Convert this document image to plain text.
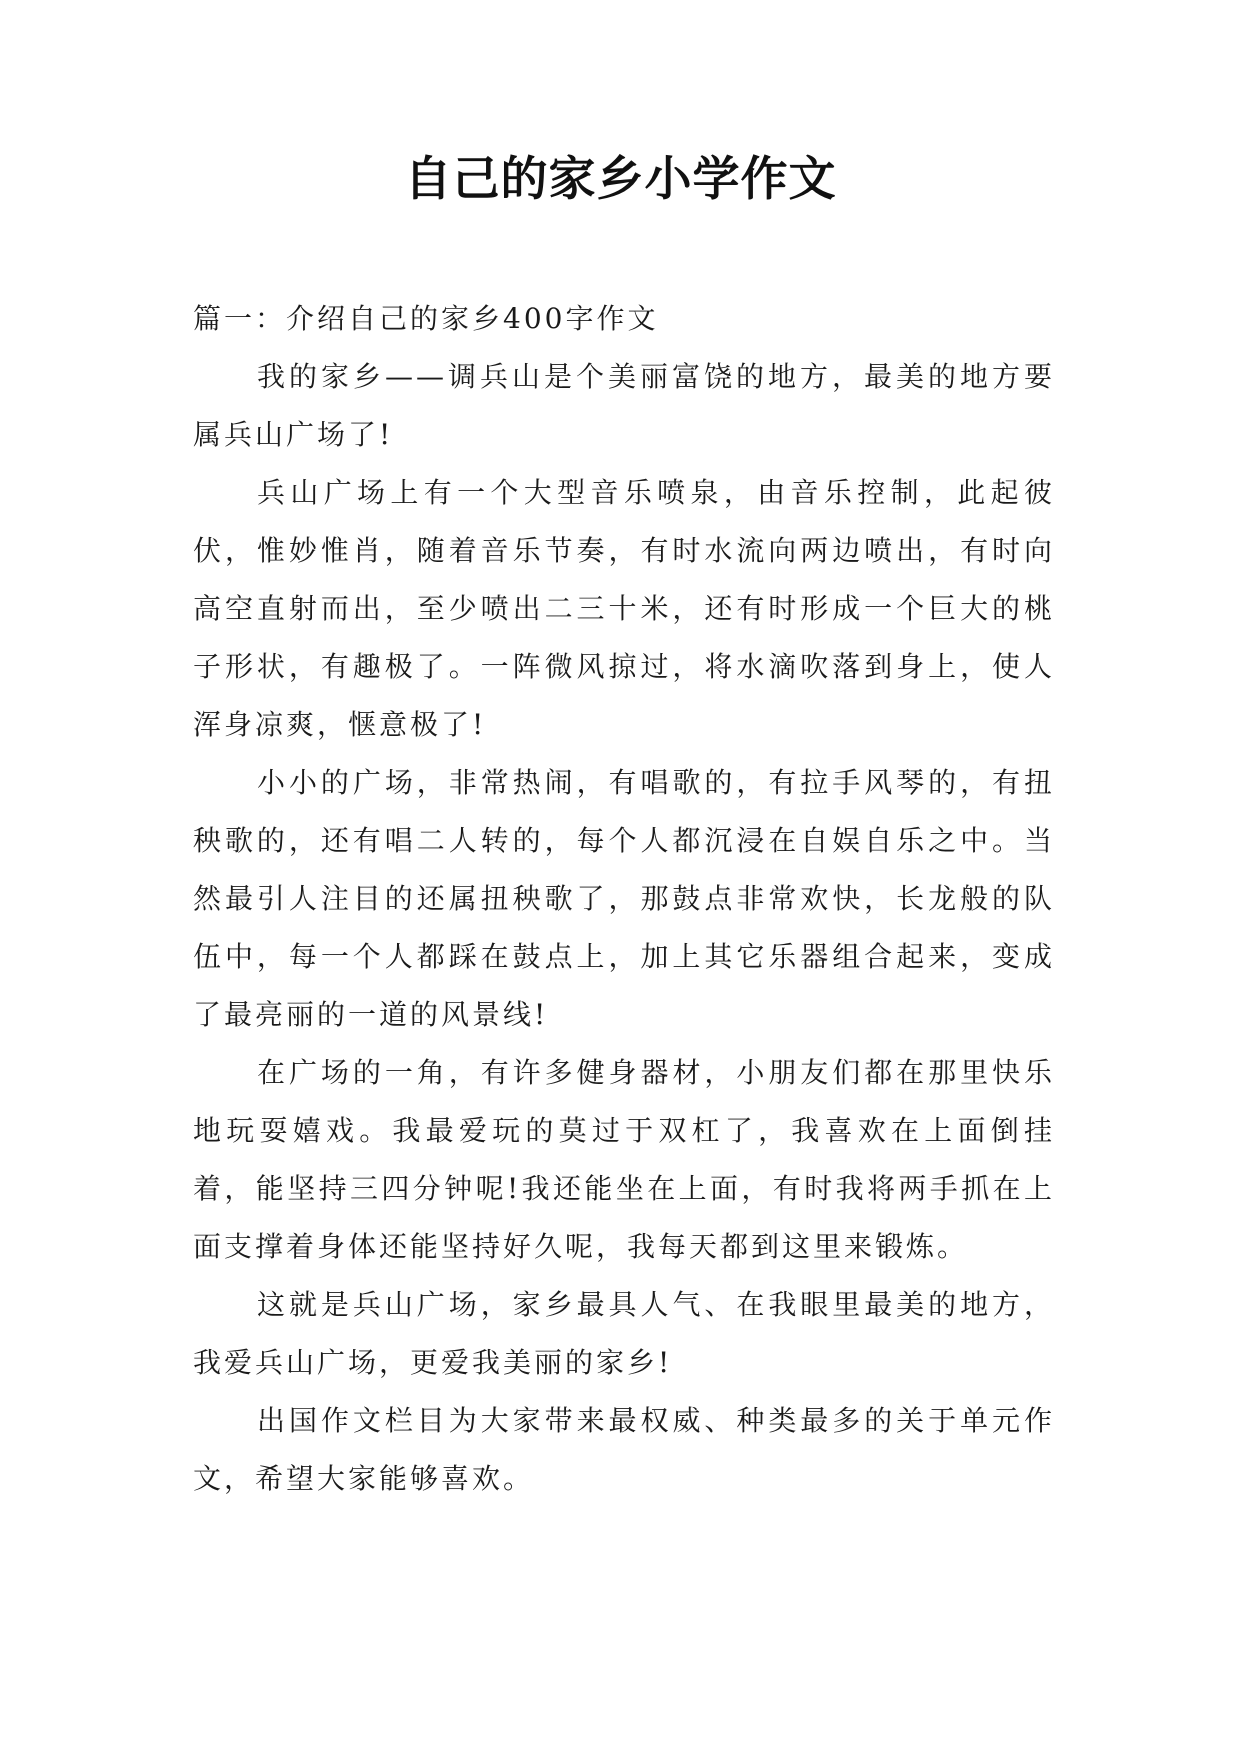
自己的家乡小学作文

篇一：介绍自己的家乡400字作文

我的家乡——调兵山是个美丽富饶的地方，最美的地方要属兵山广场了!

兵山广场上有一个大型音乐喷泉，由音乐控制，此起彼伏，惟妙惟肖，随着音乐节奏，有时水流向两边喷出，有时向高空直射而出，至少喷出二三十米，还有时形成一个巨大的桃子形状，有趣极了。一阵微风掠过，将水滴吹落到身上，使人浑身凉爽，惬意极了!

小小的广场，非常热闹，有唱歌的，有拉手风琴的，有扭秧歌的，还有唱二人转的，每个人都沉浸在自娱自乐之中。当然最引人注目的还属扭秧歌了，那鼓点非常欢快，长龙般的队伍中，每一个人都踩在鼓点上，加上其它乐器组合起来，变成了最亮丽的一道的风景线!

在广场的一角，有许多健身器材，小朋友们都在那里快乐地玩耍嬉戏。我最爱玩的莫过于双杠了，我喜欢在上面倒挂着，能坚持三四分钟呢!我还能坐在上面，有时我将两手抓在上面支撑着身体还能坚持好久呢，我每天都到这里来锻炼。

这就是兵山广场，家乡最具人气、在我眼里最美的地方，我爱兵山广场，更爱我美丽的家乡!

出国作文栏目为大家带来最权威、种类最多的关于单元作文，希望大家能够喜欢。
